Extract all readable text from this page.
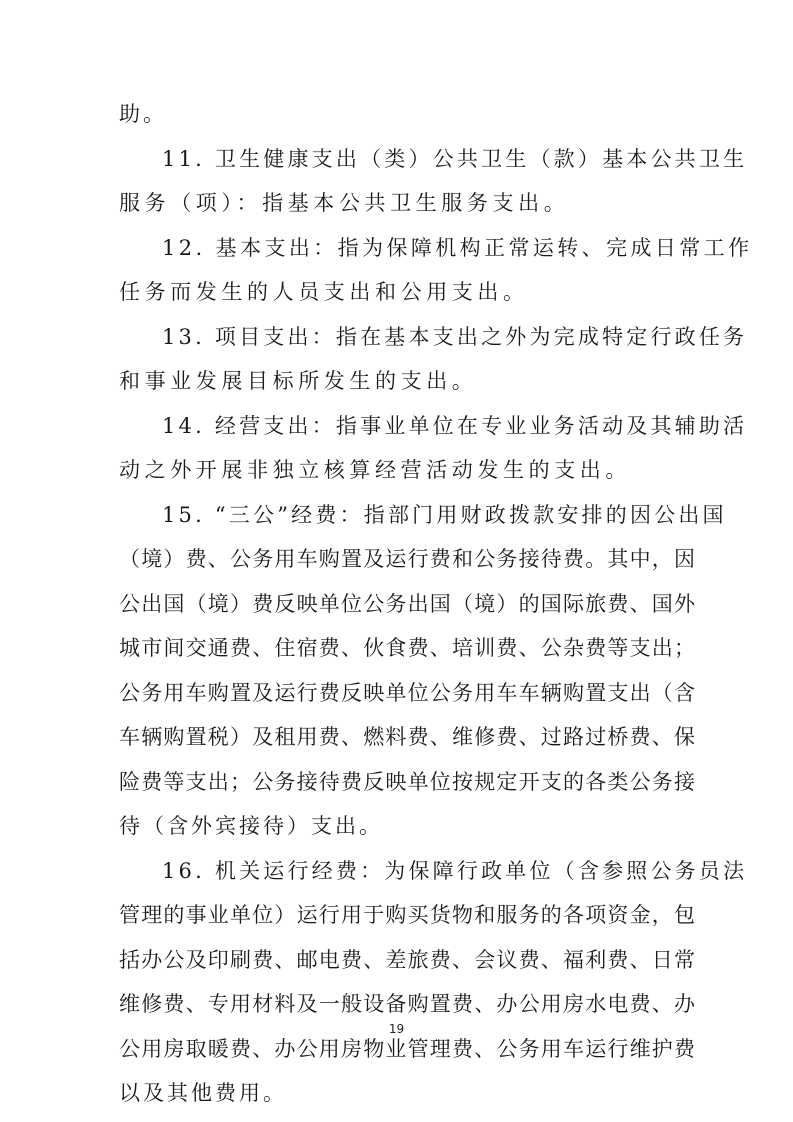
助。
11. 卫生健康支出（类）公共卫生（款）基本公共卫生
服务（项）：指基本公共卫生服务支出。
12. 基本支出：指为保障机构正常运转、完成日常工作
任务而发生的人员支出和公用支出。
13. 项目支出：指在基本支出之外为完成特定行政任务
和事业发展目标所发生的支出。
14. 经营支出：指事业单位在专业业务活动及其辅助活
动之外开展非独立核算经营活动发生的支出。
15. “三公”经费：指部门用财政拨款安排的因公出国
（境）费、公务用车购置及运行费和公务接待费。其中，因
公出国（境）费反映单位公务出国（境）的国际旅费、国外
城市间交通费、住宿费、伙食费、培训费、公杂费等支出；
公务用车购置及运行费反映单位公务用车车辆购置支出（含
车辆购置税）及租用费、燃料费、维修费、过路过桥费、保
险费等支出；公务接待费反映单位按规定开支的各类公务接
待（含外宾接待）支出。
16. 机关运行经费：为保障行政单位（含参照公务员法
管理的事业单位）运行用于购买货物和服务的各项资金，包
括办公及印刷费、邮电费、差旅费、会议费、福利费、日常
维修费、专用材料及一般设备购置费、办公用房水电费、办
公用房取暖费、办公用房物业管理费、公务用车运行维护费
以及其他费用。
19
